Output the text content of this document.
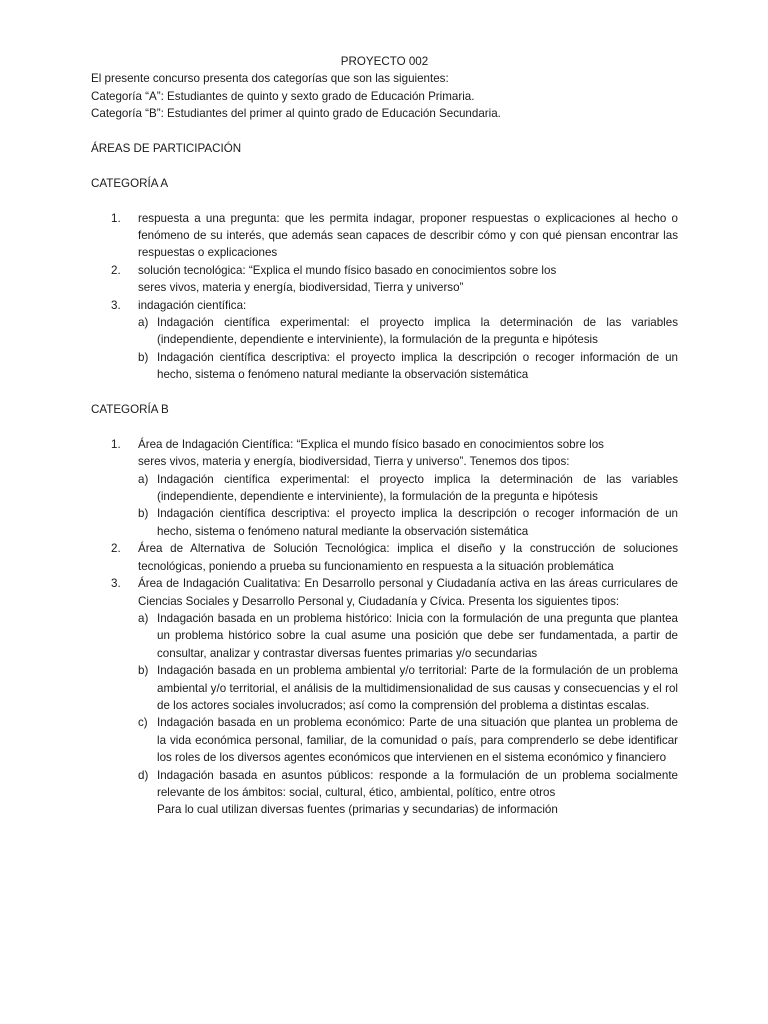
PROYECTO 002

El presente concurso presenta dos categorías que son las siguientes:

Categoría “A”: Estudiantes de quinto y sexto grado de Educación Primaria.

Categoría “B”: Estudiantes del primer al quinto grado de Educación Secundaria.

ÁREAS DE PARTICIPACIÓN

CATEGORÍA A

1. respuesta a una pregunta: que les permita indagar, proponer respuestas o explicaciones al hecho o fenómeno de su interés, que además sean capaces de describir cómo y con qué piensan encontrar las respuestas o explicaciones
2. solución tecnológica: “Explica el mundo físico basado en conocimientos sobre los
seres vivos, materia y energía, biodiversidad, Tierra y universo”
3. indagación científica:
a) Indagación científica experimental: el proyecto implica la determinación de las variables (independiente, dependiente e interviniente), la formulación de la pregunta e hipótesis
b) Indagación científica descriptiva: el proyecto implica la descripción o recoger información de un hecho, sistema o fenómeno natural mediante la observación sistemática

CATEGORÍA B

1. Área de Indagación Científica: “Explica el mundo físico basado en conocimientos sobre los
seres vivos, materia y energía, biodiversidad, Tierra y universo”. Tenemos dos tipos:
a) Indagación científica experimental: el proyecto implica la determinación de las variables (independiente, dependiente e interviniente), la formulación de la pregunta e hipótesis
b) Indagación científica descriptiva: el proyecto implica la descripción o recoger información de un hecho, sistema o fenómeno natural mediante la observación sistemática
2. Área de Alternativa de Solución Tecnológica: implica el diseño y la construcción de soluciones tecnológicas, poniendo a prueba su funcionamiento en respuesta a la situación problemática
3. Área de Indagación Cualitativa: En Desarrollo personal y Ciudadanía activa en las áreas curriculares de Ciencias Sociales y Desarrollo Personal y, Ciudadanía y Cívica. Presenta los siguientes tipos:
a) Indagación basada en un problema histórico: Inicia con la formulación de una pregunta que plantea un problema histórico sobre la cual asume una posición que debe ser fundamentada, a partir de consultar, analizar y contrastar diversas fuentes primarias y/o secundarias
b) Indagación basada en un problema ambiental y/o territorial: Parte de la formulación de un problema ambiental y/o territorial, el análisis de la multidimensionalidad de sus causas y consecuencias y el rol de los actores sociales involucrados; así como la comprensión del problema a distintas escalas.
c) Indagación basada en un problema económico: Parte de una situación que plantea un problema de la vida económica personal, familiar, de la comunidad o país, para comprenderlo se debe identificar los roles de los diversos agentes económicos que intervienen en el sistema económico y financiero
d) Indagación basada en asuntos públicos: responde a la formulación de un problema socialmente relevante de los ámbitos: social, cultural, ético, ambiental, político, entre otros
Para lo cual utilizan diversas fuentes (primarias y secundarias) de información
